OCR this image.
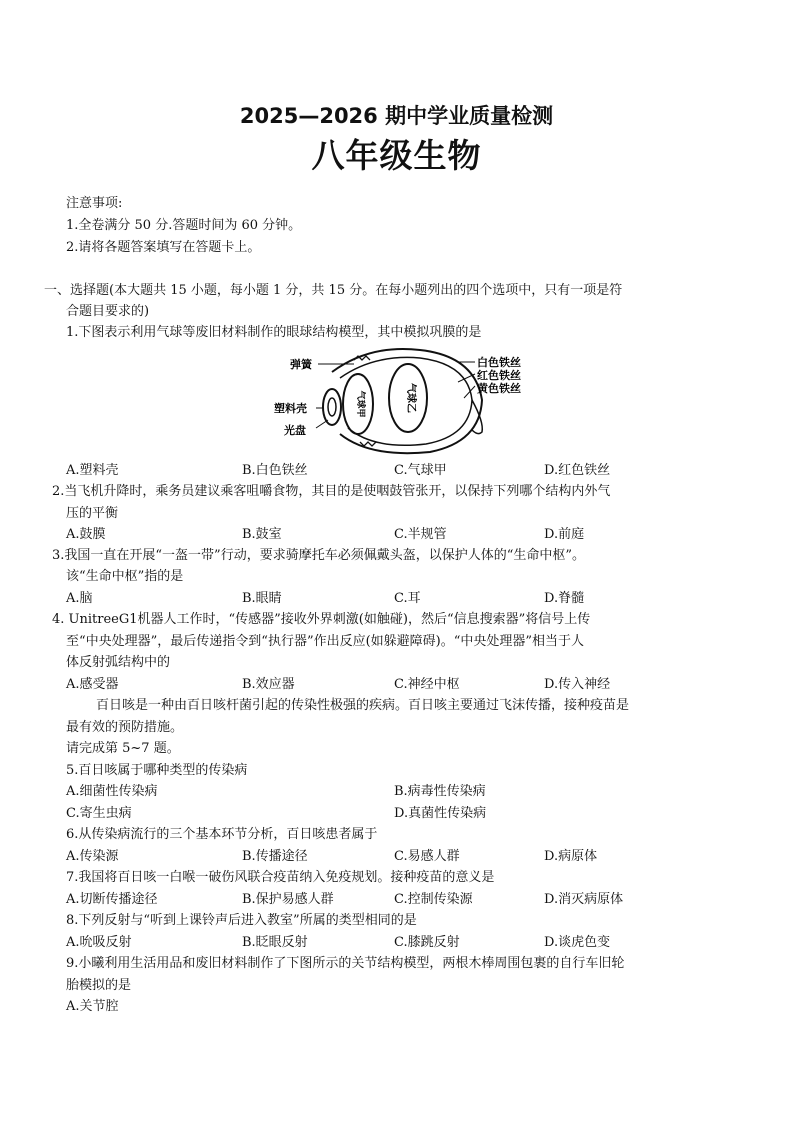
2025—2026 期中学业质量检测
八年级生物
注意事项:
1.全卷满分 50 分.答题时间为 60 分钟。
2.请将各题答案填写在答题卡上。
一、选择题(本大题共 15 小题，每小题 1 分，共 15 分。在每小题列出的四个选项中，只有一项是符
合题目要求的)
1.下图表示利用气球等废旧材料制作的眼球结构模型，其中模拟巩膜的是
弹簧
塑料壳
光盘
白色铁丝
红色铁丝
黄色铁丝
气球甲	气球乙
A.塑料壳	B.白色铁丝	C.气球甲	D.红色铁丝
2.当飞机升降时，乘务员建议乘客咀嚼食物，其目的是使咽鼓管张开，以保持下列哪个结构内外气
压的平衡
A.鼓膜	B.鼓室	C.半规管	D.前庭
3.我国一直在开展“一盔一带”行动，要求骑摩托车必须佩戴头盔，以保护人体的“生命中枢”。
该“生命中枢”指的是
A.脑	B.眼睛	C.耳	D.脊髓
4. UnitreeG1机器人工作时，“传感器”接收外界刺激(如触碰)，然后“信息搜索器”将信号上传
至“中央处理器”，最后传递指令到“执行器”作出反应(如躲避障碍)。“中央处理器”相当于人
体反射弧结构中的
A.感受器	B.效应器	C.神经中枢	D.传入神经
百日咳是一种由百日咳杆菌引起的传染性极强的疾病。百日咳主要通过飞沫传播，接种疫苗是
最有效的预防措施。
请完成第 5~7 题。
5.百日咳属于哪种类型的传染病
A.细菌性传染病	B.病毒性传染病
C.寄生虫病	D.真菌性传染病
6.从传染病流行的三个基本环节分析，百日咳患者属于
A.传染源	B.传播途径	C.易感人群	D.病原体
7.我国将百日咳一白喉一破伤风联合疫苗纳入免疫规划。接种疫苗的意义是
A.切断传播途径	B.保护易感人群	C.控制传染源	D.消灭病原体
8.下列反射与“听到上课铃声后进入教室”所属的类型相同的是
A.吮吸反射	B.眨眼反射	C.膝跳反射	D.谈虎色变
9.小曦利用生活用品和废旧材料制作了下图所示的关节结构模型，两根木棒周围包裹的自行车旧轮
胎模拟的是
A.关节腔
